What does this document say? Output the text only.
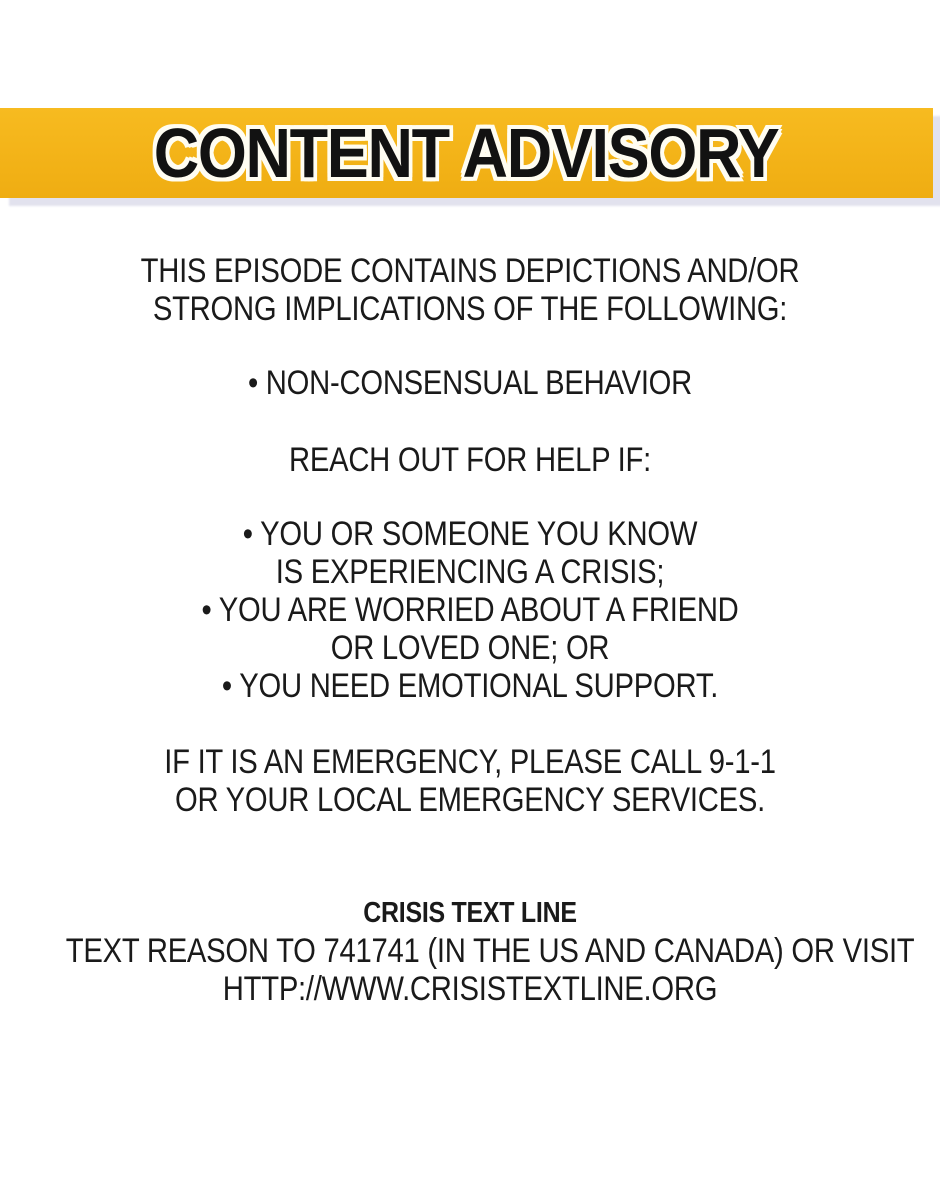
CONTENT ADVISORY
THIS EPISODE CONTAINS DEPICTIONS AND/OR
STRONG IMPLICATIONS OF THE FOLLOWING:
• NON-CONSENSUAL BEHAVIOR
REACH OUT FOR HELP IF:
• YOU OR SOMEONE YOU KNOW
IS EXPERIENCING A CRISIS;
• YOU ARE WORRIED ABOUT A FRIEND
OR LOVED ONE; OR
• YOU NEED EMOTIONAL SUPPORT.
IF IT IS AN EMERGENCY, PLEASE CALL 9-1-1
OR YOUR LOCAL EMERGENCY SERVICES.
CRISIS TEXT LINE
TEXT REASON TO 741741 (IN THE US AND CANADA) OR VISIT
HTTP://WWW.CRISISTEXTLINE.ORG
